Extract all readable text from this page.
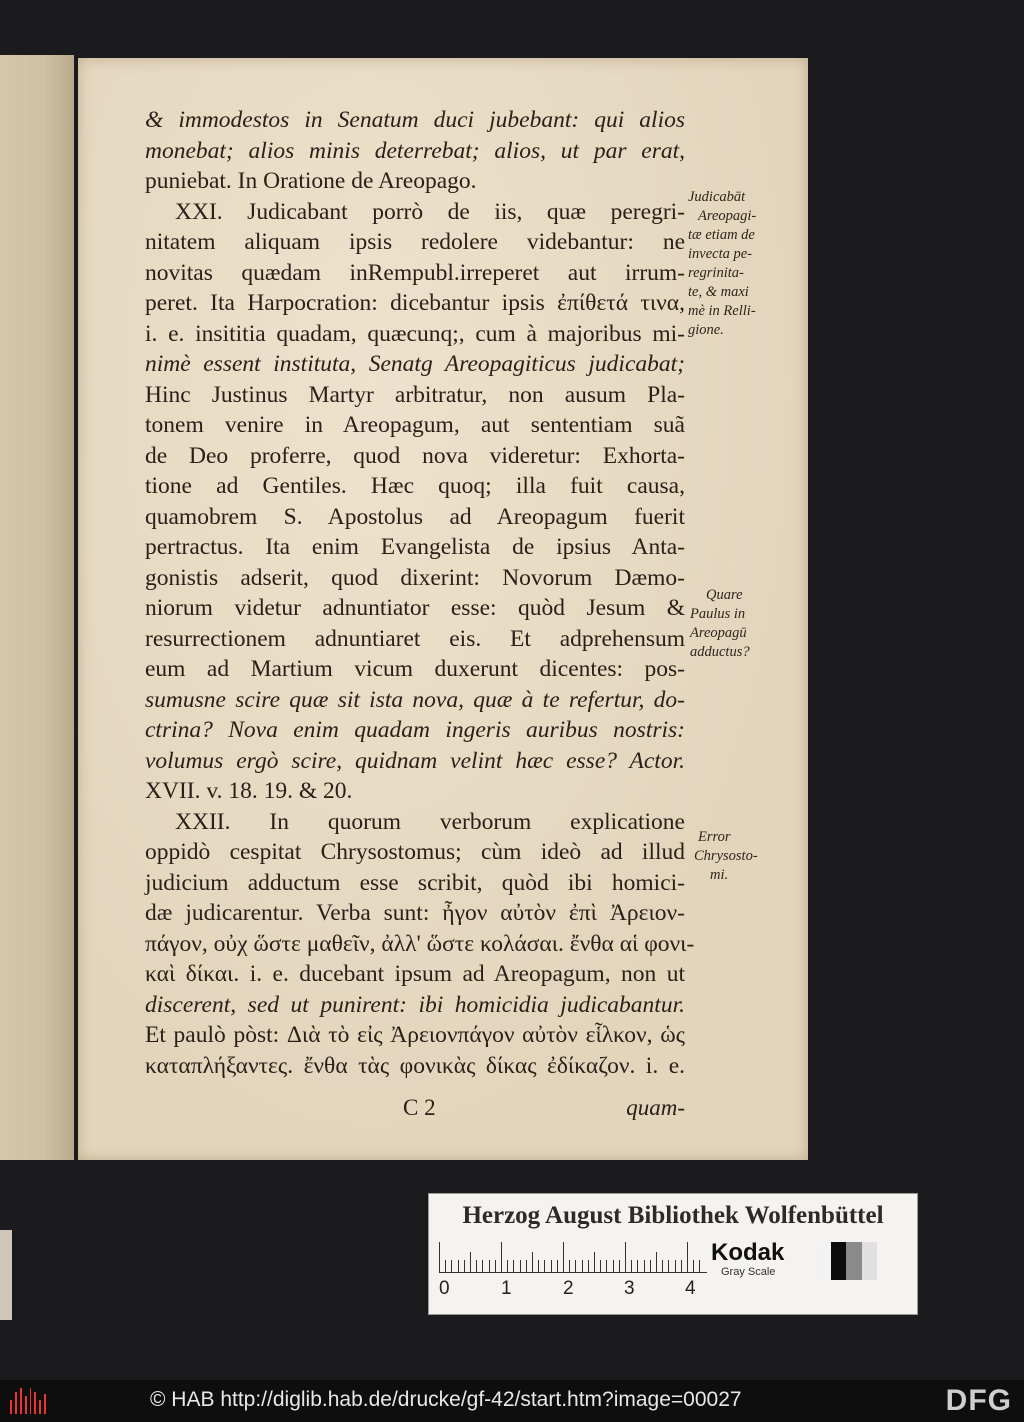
& immodestos in Senatum duci jubebant: qui alios
monebat; alios minis deterrebat; alios, ut par erat,
puniebat. In Oratione de Areopago.
XXI. Judicabant porrò de iis, quæ peregri-
nitatem aliquam ipsis redolere videbantur: ne
novitas quædam inRempubl.irreperet aut irrum-
peret. Ita Harpocration: dicebantur ipsis ἐπίθετά τινα,
i. e. insititia quadam, quæcunq;, cum à majoribus mi-
nimè essent instituta, Senatg Areopagiticus judicabat;
Hinc Justinus Martyr arbitratur, non ausum Pla-
tonem venire in Areopagum, aut sententiam suã
de Deo proferre, quod nova videretur: Exhorta-
tione ad Gentiles. Hæc quoq; illa fuit causa,
quamobrem S. Apostolus ad Areopagum fuerit
pertractus. Ita enim Evangelista de ipsius Anta-
gonistis adserit, quod dixerint: Novorum Dæmo-
niorum videtur adnuntiator esse: quòd Jesum &
resurrectionem adnuntiaret eis. Et adprehensum
eum ad Martium vicum duxerunt dicentes: pos-
sumusne scire quæ sit ista nova, quæ à te refertur, do-
ctrina? Nova enim quadam ingeris auribus nostris:
volumus ergò scire, quidnam velint hæc esse? Actor.
XVII. v. 18. 19. & 20.
XXII. In quorum verborum explicatione
oppidò cespitat Chrysostomus; cùm ideò ad illud
judicium adductum esse scribit, quòd ibi homici-
dæ judicarentur. Verba sunt: ἦγον αὐτὸν ἐπὶ Ἀρειον-
πάγον, οὐχ ὥστε μαθεῖν, ἀλλ' ὥστε κολάσαι. ἔνθα αἱ φονι-
καὶ δίκαι. i. e. ducebant ipsum ad Areopagum, non ut
discerent, sed ut punirent: ibi homicidia judicabantur.
Et paulò pòst: Διὰ τὸ εἰς Ἀρειονπάγον αὐτὸν εἷλκον, ὡς
καταπλήξαντες. ἔνθα τὰς φονικὰς δίκας ἐδίκαζον. i. e.
Judicabāt
Areopagi-
tæ etiam de
invecta pe-
regrinita-
te, & maxi
mè in Relli-
gione.
Quare
Paulus in
Areopagū
adductus?
Error
Chrysosto-
mi.
C 2	quam-
Herzog August Bibliothek Wolfenbüttel
0	1	2	3	4
Kodak
Gray Scale
© HAB http://diglib.hab.de/drucke/gf-42/start.htm?image=00027	DFG
